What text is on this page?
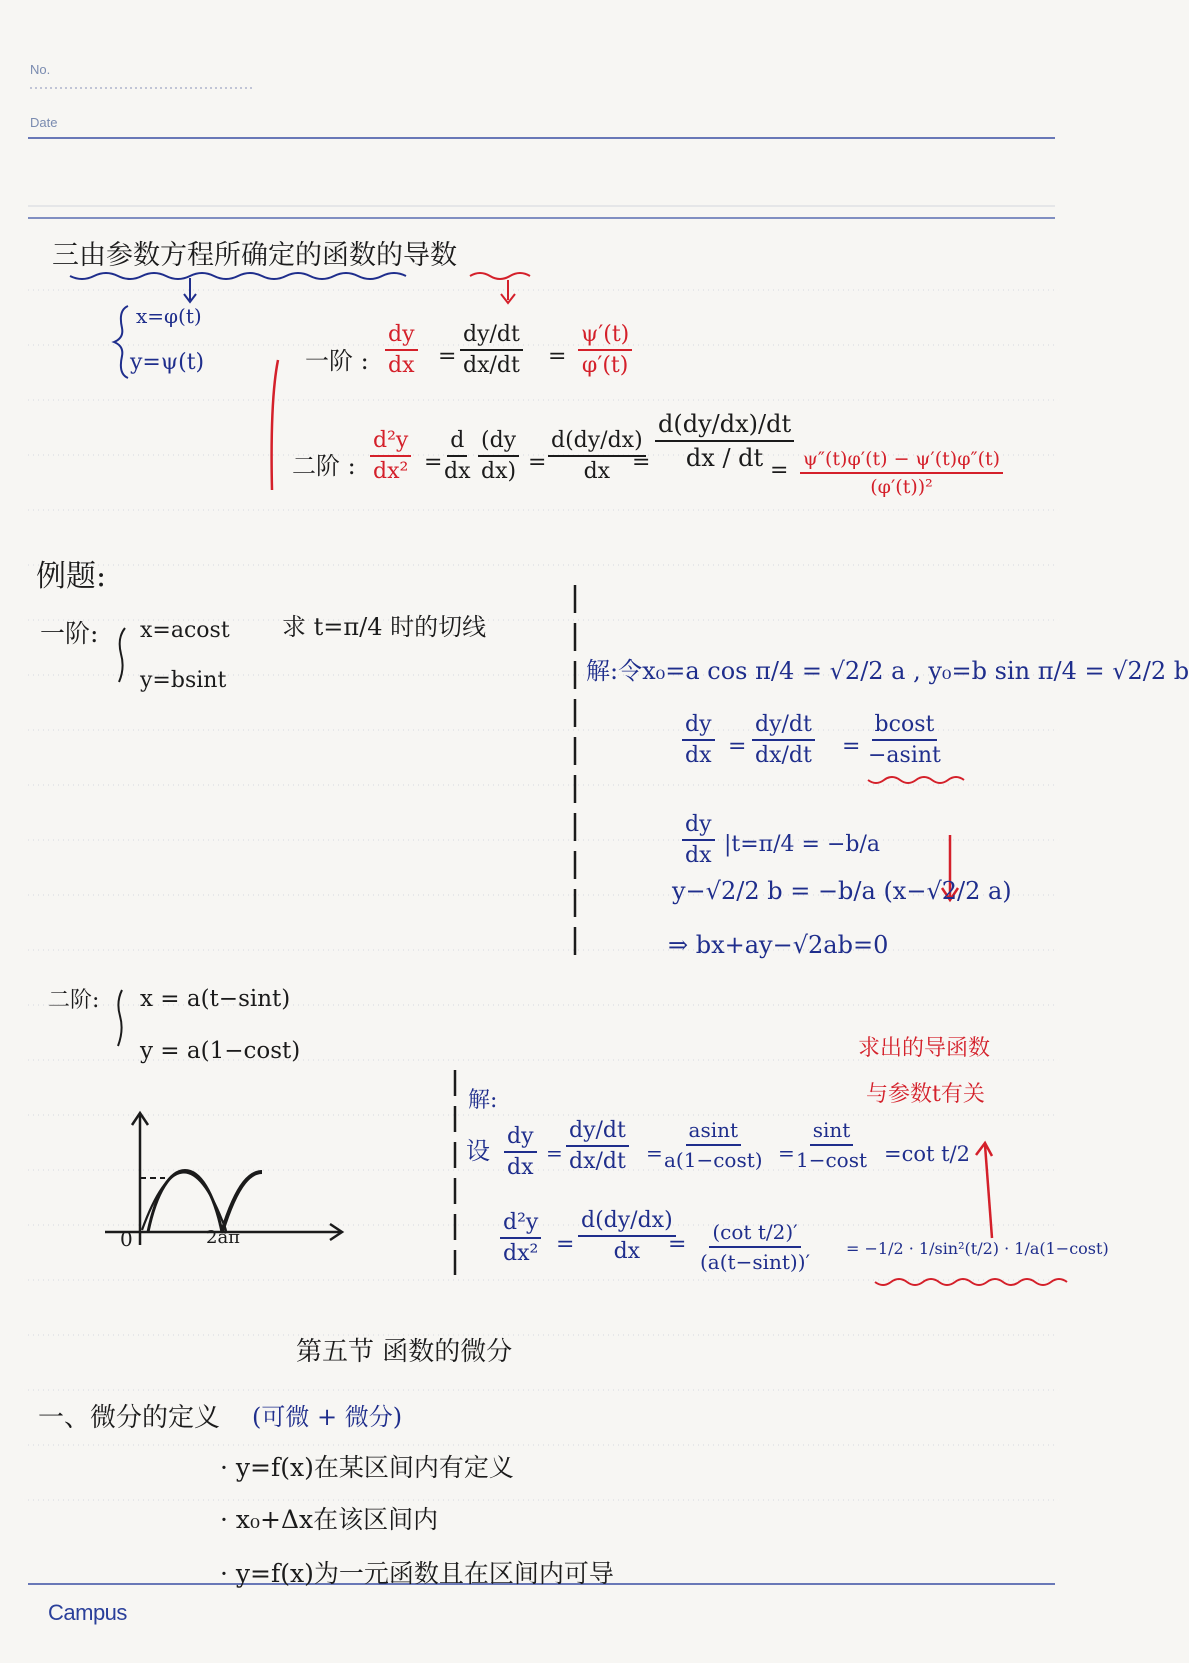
No.
Date
三由参数方程所确定的函数的导数
x=φ(t)
y=ψ(t)	一阶 : $\frac{dy}{dx} = \frac{dy/dt}{dx/dt} = \frac{\psi'(t)}{\varphi'(t)}$
二阶 : $\frac{\text{d²y}}{\text{dx²}} = \frac{d}{dx} \frac{(dy}{dx)} = \frac{d(dy/dx)}{dx}$
= $\frac{d(dy/dx)/dt}{dx / dt}$
= $\frac{\psi''(t)\varphi'(t) - \psi'(t)\varphi''(t)}{\text{(φ′(t))²}}$
例题:
一阶: x=acost
y=bsint
求 t=π/4 时的切线
解:令x₀=a cos π/4 = √2/2 a , y₀=b sin π/4 = √2/2 b
$\frac{dy}{dx} = \frac{dy/dt}{dx/dt} = \frac{bcost}{-asint}$
$\frac{dy}{dx} |t=\pi/4 = -b/a$
y−√2/2 b = −b/a (x−√2/2 a)
⇒ bx+ay−√2ab=0
二阶: x = a(t−sint)
y = a(1−cost)
0	2aπ
求出的导函数
与参数t有关
解:
设 $\frac{dy}{dx} = \frac{dy/dt}{dx/dt} = \frac{asint}{a(1-\cos t)} = \frac{\sin t}{1-\cos t} =\cot$ t/2
$\frac{\text{d²y}}{\text{dx²}} = \frac{d(dy/dx)}{dx}$
= $\frac{\text{(cot t/2)′}}{(a(t-\sin t))'} = -1/2 \cdot 1/\sin^2(t/2) \cdot 1/a(1-\cos t)$
第五节 函数的微分
一、微分的定义 (可微 + 微分)
· y=f(x)在某区间内有定义
· x₀+Δx在该区间内
· y=f(x)为一元函数且在区间内可导
Campus
